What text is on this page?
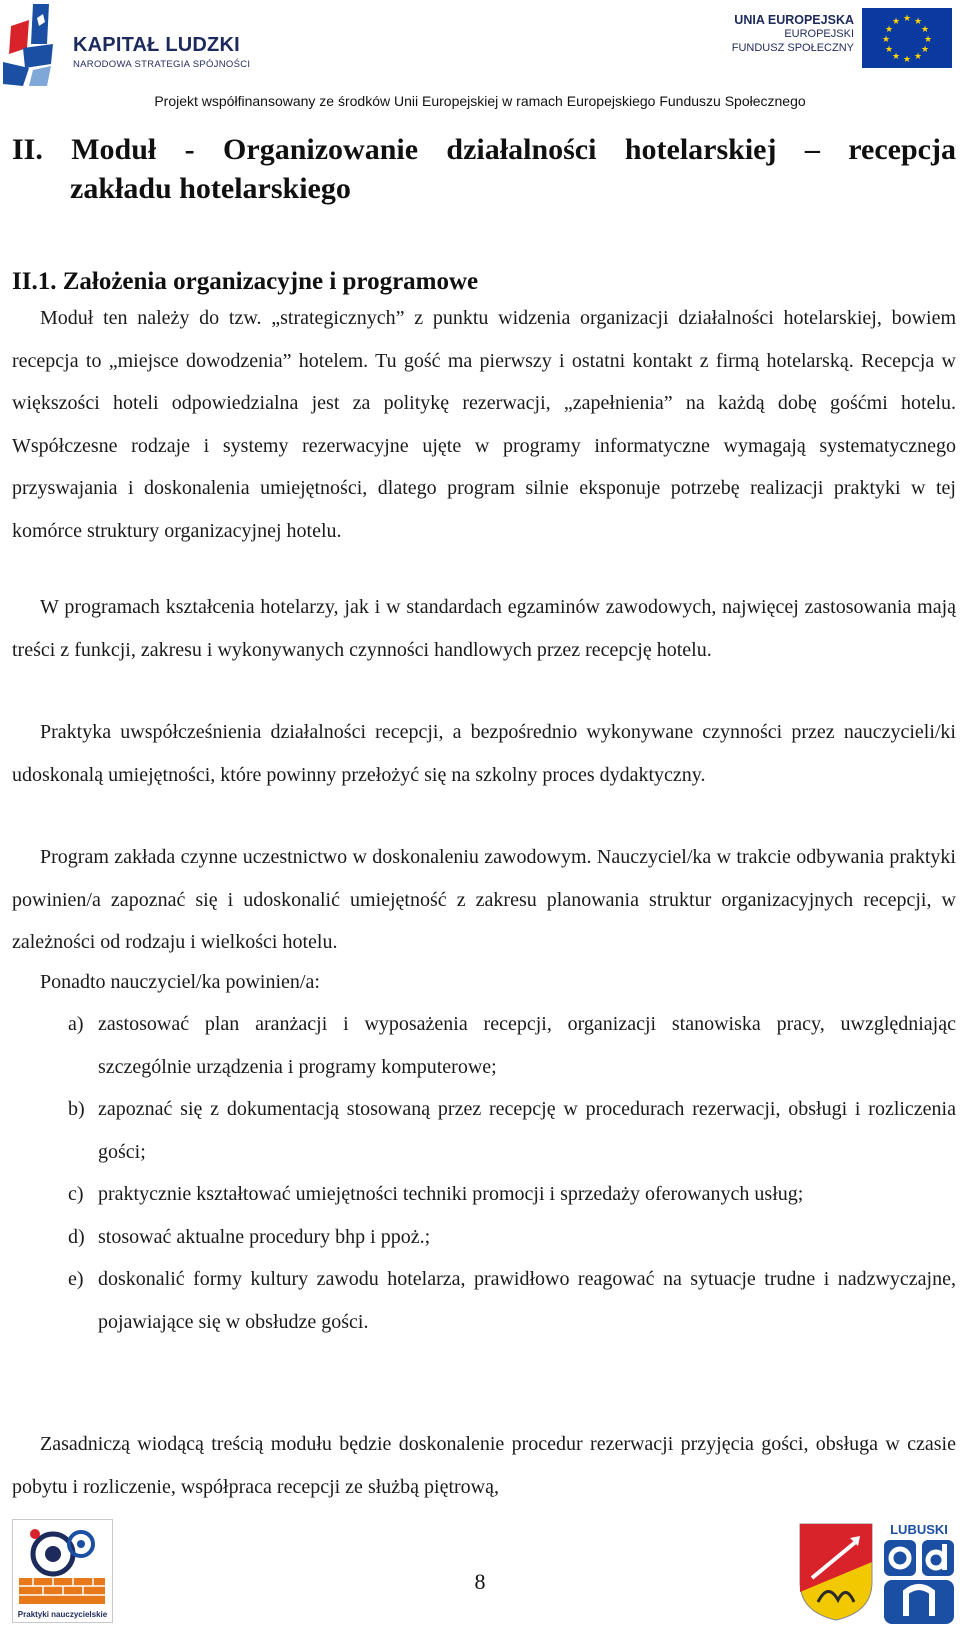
KAPITAŁ LUDZKI
NARODOWA STRATEGIA SPÓJNOŚCI
UNIA EUROPEJSKA
EUROPEJSKI
FUNDUSZ SPOŁECZNY
★ ★
★
★
★
★
★
★
★
★
★
★
Projekt współfinansowany ze środków Unii Europejskiej w ramach Europejskiego Funduszu Społecznego
II. Moduł - Organizowanie działalności hotelarskiej – recepcja
zakładu hotelarskiego
II.1. Założenia organizacyjne i programowe
Moduł ten należy do tzw. „strategicznych” z punktu widzenia organizacji działalności hotelarskiej, bowiem recepcja to „miejsce dowodzenia” hotelem. Tu gość ma pierwszy i ostatni kontakt z firmą hotelarską. Recepcja w większości hoteli odpowiedzialna jest za politykę rezerwacji, „zapełnienia” na każdą dobę gośćmi hotelu. Współczesne rodzaje i systemy rezerwacyjne ujęte w programy informatyczne wymagają systematycznego przyswajania i doskonalenia umiejętności, dlatego program silnie eksponuje potrzebę realizacji praktyki w tej komórce struktury organizacyjnej hotelu.
W programach kształcenia hotelarzy, jak i w standardach egzaminów zawodowych, najwięcej zastosowania mają treści z funkcji, zakresu i wykonywanych czynności handlowych przez recepcję hotelu.
Praktyka uwspółcześnienia działalności recepcji, a bezpośrednio wykonywane czynności przez nauczycieli/ki udoskonalą umiejętności, które powinny przełożyć się na szkolny proces dydaktyczny.
Program zakłada czynne uczestnictwo w doskonaleniu zawodowym. Nauczyciel/ka w trakcie odbywania praktyki powinien/a zapoznać się i udoskonalić umiejętność z zakresu planowania struktur organizacyjnych recepcji, w zależności od rodzaju i wielkości hotelu.
Ponadto nauczyciel/ka powinien/a:
a) zastosować plan aranżacji i wyposażenia recepcji, organizacji stanowiska pracy, uwzględniając szczególnie urządzenia i programy komputerowe;
b) zapoznać się z dokumentacją stosowaną przez recepcję w procedurach rezerwacji, obsługi i rozliczenia gości;
c) praktycznie kształtować umiejętności techniki promocji i sprzedaży oferowanych usług;
d) stosować aktualne procedury bhp i ppoż.;
e) doskonalić formy kultury zawodu hotelarza, prawidłowo reagować na sytuacje trudne i nadzwyczajne, pojawiające się w obsłudze gości.
Zasadniczą wiodącą treścią modułu będzie doskonalenie procedur rezerwacji przyjęcia gości, obsługa w czasie pobytu i rozliczenie, współpraca recepcji ze służbą piętrową,
Praktyki nauczycielskie
LUBUSKI
8
